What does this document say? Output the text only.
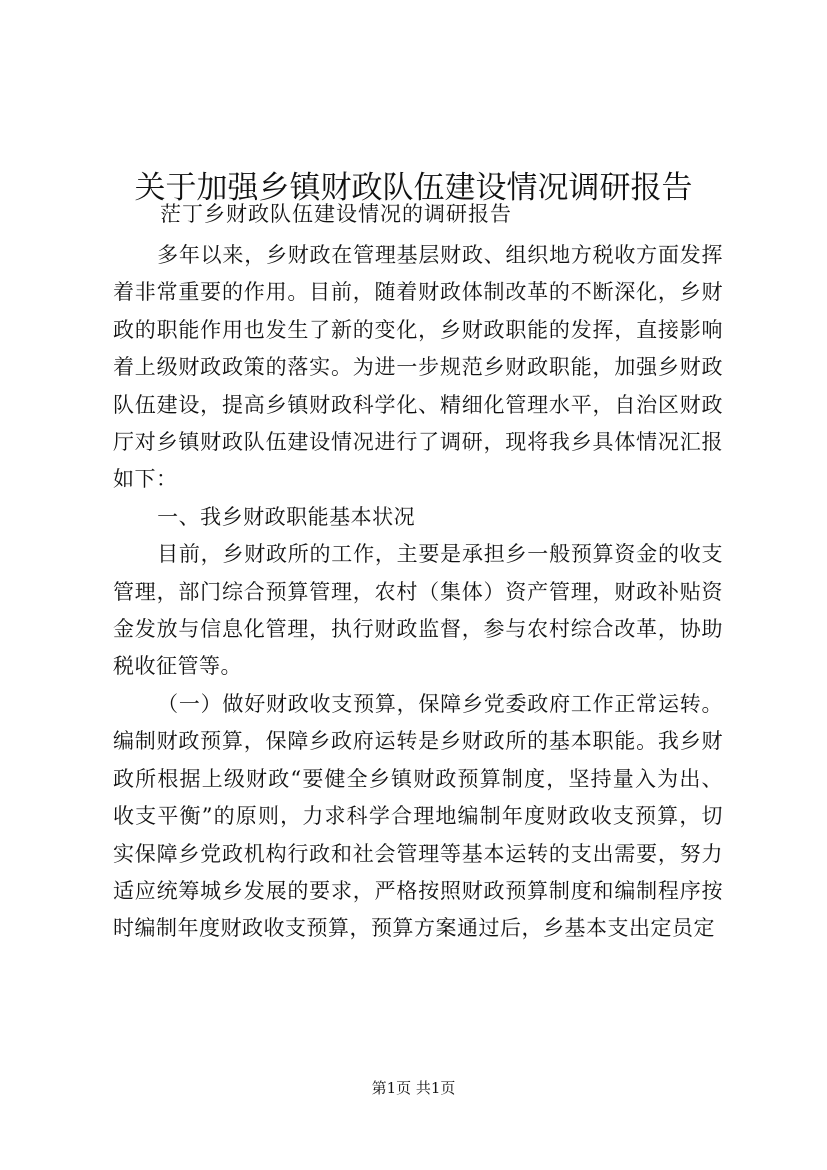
关于加强乡镇财政队伍建设情况调研报告
茫丁乡财政队伍建设情况的调研报告

多年以来，乡财政在管理基层财政、组织地方税收方面发挥着非常重要的作用。目前，随着财政体制改革的不断深化，乡财政的职能作用也发生了新的变化，乡财政职能的发挥，直接影响着上级财政政策的落实。为进一步规范乡财政职能，加强乡财政队伍建设，提高乡镇财政科学化、精细化管理水平，自治区财政厅对乡镇财政队伍建设情况进行了调研，现将我乡具体情况汇报如下：

一、我乡财政职能基本状况

目前，乡财政所的工作，主要是承担乡一般预算资金的收支管理，部门综合预算管理，农村（集体）资产管理，财政补贴资金发放与信息化管理，执行财政监督，参与农村综合改革，协助税收征管等。

（一）做好财政收支预算，保障乡党委政府工作正常运转。编制财政预算，保障乡政府运转是乡财政所的基本职能。我乡财政所根据上级财政“要健全乡镇财政预算制度，坚持量入为出、收支平衡”的原则，力求科学合理地编制年度财政收支预算，切实保障乡党政机构行政和社会管理等基本运转的支出需要，努力适应统筹城乡发展的要求，严格按照财政预算制度和编制程序按时编制年度财政收支预算，预算方案通过后，乡基本支出定员定

第1页 共1页
